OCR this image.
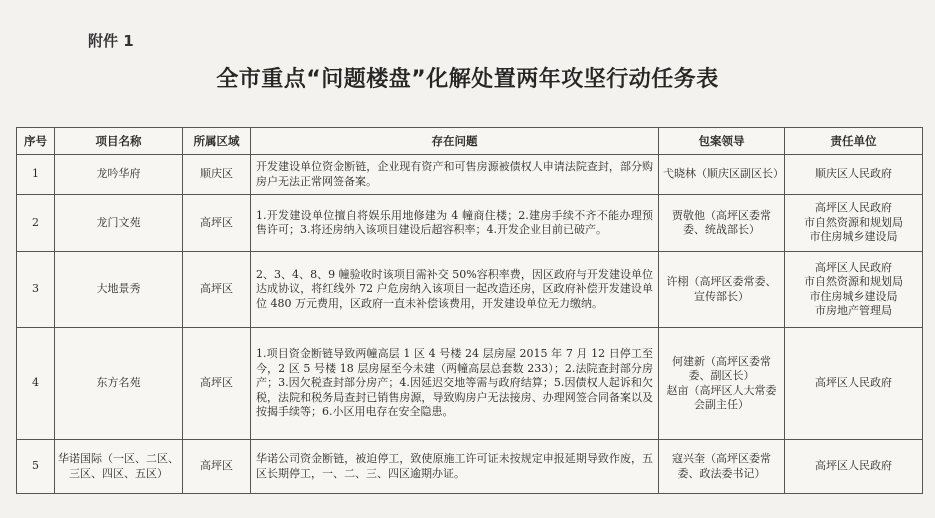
附件 1
全市重点“问题楼盘”化解处置两年攻坚行动任务表
序号	项目名称	所属区域	存在问题	包案领导	责任单位
1	龙吟华府	顺庆区	开发建设单位资金断链，企业现有资产和可售房源被债权人申请法院查封，部分购房户无法正常网签备案。	弋晓林（顺庆区副区长）	顺庆区人民政府

2	龙门文苑	高坪区	1.开发建设单位擅自将娱乐用地修建为 4 幢商住楼；2.建房手续不齐不能办理预售许可；3.将还房纳入该项目建设后超容积率；4.开发企业目前已破产。	贾敬他（高坪区委常委、统战部长）	高坪区人民政府
市自然资源和规划局
市住房城乡建设局

3	大地景秀	高坪区	2、3、4、8、9 幢验收时该项目需补交 50%容积率费，因区政府与开发建设单位达成协议，将红线外 72 户危房纳入该项目一起改造还房，区政府补偿开发建设单位 480 万元费用，区政府一直未补偿该费用，开发建设单位无力缴纳。	许栩（高坪区委常委、宣传部长）	高坪区人民政府
市自然资源和规划局
市住房城乡建设局
市房地产管理局

4	东方名苑	高坪区	1.项目资金断链导致两幢高层 1 区 4 号楼 24 层房屋 2015 年 7 月 12 日停工至今，2 区 5 号楼 18 层房屋至今未建（两幢高层总套数 233）；2.法院查封部分房产；3.因欠税查封部分房产；4.因延迟交地等需与政府结算；5.因债权人起诉和欠税，法院和税务局查封已销售房源，导致购房户无法接房、办理网签合同备案以及按揭手续等；6.小区用电存在安全隐患。	何建新（高坪区委常委、副区长）
赵亩（高坪区人大常委会副主任）	高坪区人民政府

5	华诺国际（一区、二区、三区、四区、五区）	高坪区	华诺公司资金断链，被迫停工，致使原施工许可证未按规定申报延期导致作废，五区长期停工，一、二、三、四区逾期办证。	寇兴奎（高坪区委常委、政法委书记）	高坪区人民政府
